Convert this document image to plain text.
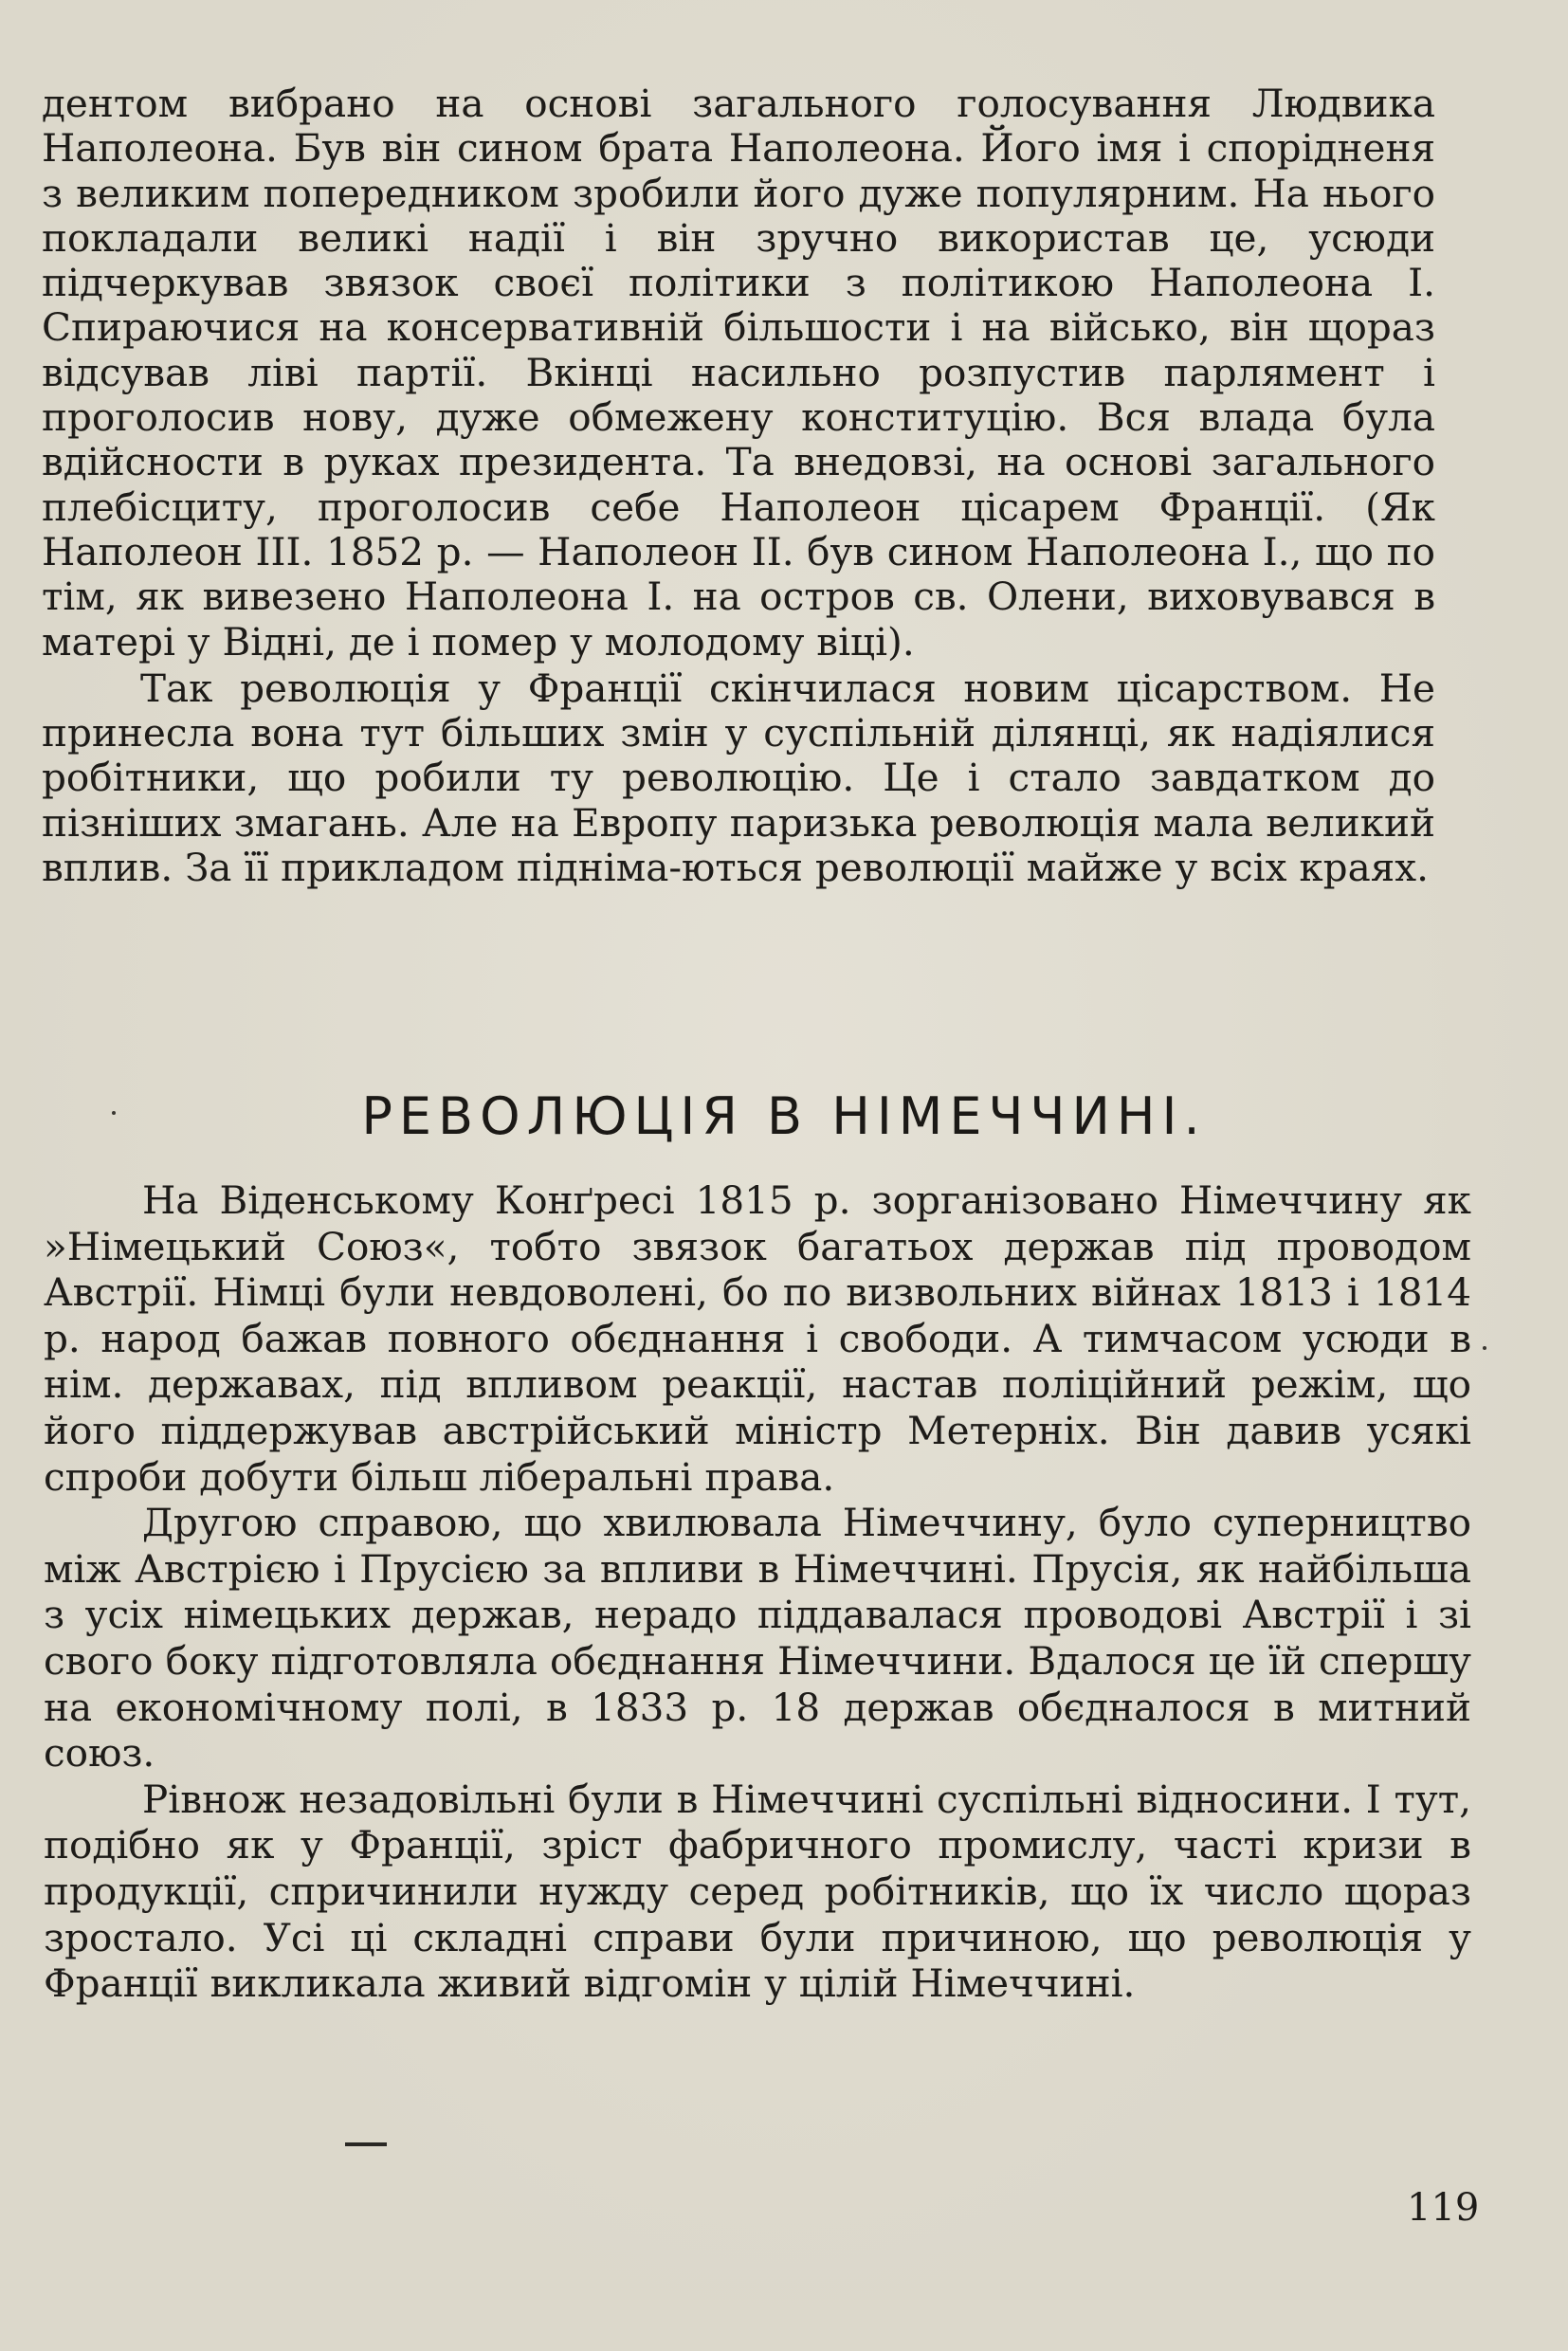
дентом вибрано на основі загального голосування Людвика Наполеона. Був він сином брата Наполеона. Його імя і спорідненя з великим попередником зробили його дуже популярним. На нього покладали великі надії і він зручно використав це, усюди підчеркував звязок своєї політики з політикою Наполеона І. Спираючися на консервативній більшости і на військо, він щораз відсував ліві партії. Вкінці насильно розпустив парлямент і проголосив нову, дуже обмежену конституцію. Вся влада була вдійсности в руках президента. Та внедовзі, на основі загального плебісциту, проголосив себе Наполеон цісарем Франції. (Як Наполеон III. 1852 р. — Наполеон II. був сином Наполеона І., що по тім, як вивезено Наполеона І. на остров св. Олени, виховувався в матері у Відні, де і помер у молодому віці).

Так революція у Франції скінчилася новим цісарством. Не принесла вона тут більших змін у суспільній ділянці, як надіялися робітники, що робили ту революцію. Це і стало завдатком до пізніших змагань. Але на Европу паризька революція мала великий вплив. За її прикладом підніма-ються революції майже у всіх краях.

РЕВОЛЮЦІЯ В НІМЕЧЧИНІ.

На Віденському Конґресі 1815 р. зорганізовано Німеччину як »Німецький Союз«, тобто звязок багатьох держав під проводом Австрії. Німці були невдоволені, бо по визвольних війнах 1813 і 1814 р. народ бажав повного обєднання і свободи. А тимчасом усюди в нім. державах, під впливом реакції, настав поліційний режім, що його піддержував австрійський міністр Метерніх. Він давив усякі спроби добути більш ліберальні права.

Другою справою, що хвилювала Німеччину, було суперництво між Австрією і Прусією за впливи в Німеччині. Прусія, як найбільша з усіх німецьких держав, нерадо піддавалася проводові Австрії і зі свого боку підготовляла обєднання Німеччини. Вдалося це їй спершу на економічному полі, в 1833 р. 18 держав обєдналося в митний союз.

Рівнож незадовільні були в Німеччині суспільні відносини. І тут, подібно як у Франції, зріст фабричного промислу, часті кризи в продукції, спричинили нужду серед робітників, що їх число щораз зростало. Усі ці складні справи були причиною, що революція у Франції викликала живий відгомін у цілій Німеччині.

119
